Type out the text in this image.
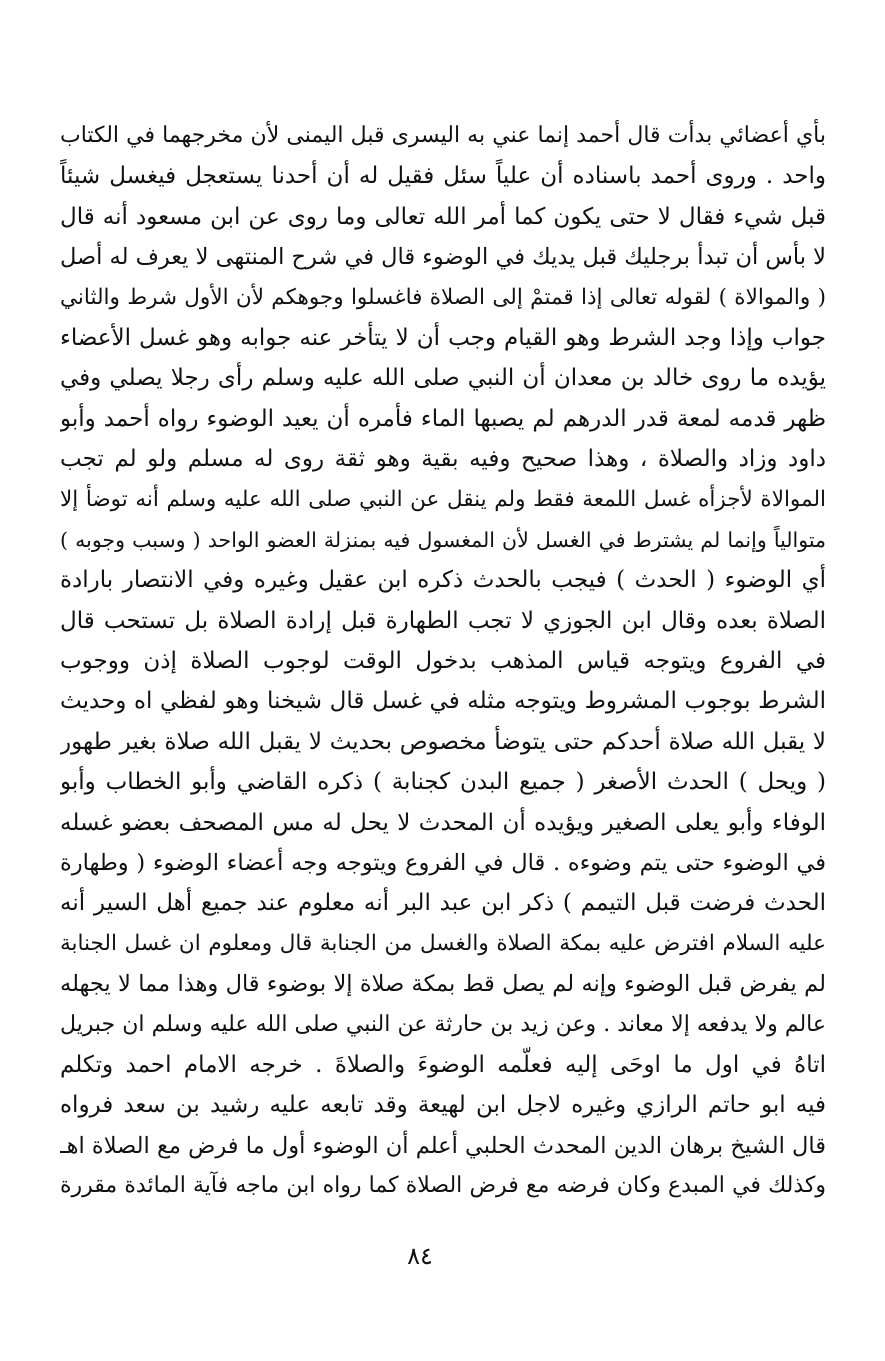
بأي أعضائي بدأت قال أحمد إنما عني به اليسرى قبل اليمنى لأن مخرجهما في الكتاب
واحد . وروى أحمد باسناده أن علياً سئل فقيل له أن أحدنا يستعجل فيغسل شيئاً
قبل شيء فقال لا حتى يكون كما أمر الله تعالى وما روى عن ابن مسعود أنه قال
لا بأس أن تبدأ برجليك قبل يديك في الوضوء قال في شرح المنتهى لا يعرف له أصل
( والموالاة ) لقوله تعالى إذا قمتمْ إلى الصلاة فاغسلوا وجوهكم لأن الأول شرط والثاني
جواب وإذا وجد الشرط وهو القيام وجب أن لا يتأخر عنه جوابه وهو غسل الأعضاء
يؤيده ما روى خالد بن معدان أن النبي صلى الله عليه وسلم رأى رجلا يصلي وفي
ظهر قدمه لمعة قدر الدرهم لم يصبها الماء فأمره أن يعيد الوضوء رواه أحمد وأبو
داود وزاد والصلاة ، وهذا صحيح وفيه بقية وهو ثقة روى له مسلم ولو لم تجب
الموالاة لأجزأه غسل اللمعة فقط ولم ينقل عن النبي صلى الله عليه وسلم أنه توضأ إلا
متوالياً وإنما لم يشترط في الغسل لأن المغسول فيه بمنزلة العضو الواحد ( وسبب وجوبه )
أي الوضوء ( الحدث ) فيجب بالحدث ذكره ابن عقيل وغيره وفي الانتصار بارادة
الصلاة بعده وقال ابن الجوزي لا تجب الطهارة قبل إرادة الصلاة بل تستحب قال
في الفروع ويتوجه قياس المذهب بدخول الوقت لوجوب الصلاة إذن ووجوب
الشرط بوجوب المشروط ويتوجه مثله في غسل قال شيخنا وهو لفظي اه وحديث
لا يقبل الله صلاة أحدكم حتى يتوضأ مخصوص بحديث لا يقبل الله صلاة بغير طهور
( ويحل ) الحدث الأصغر ( جميع البدن كجنابة ) ذكره القاضي وأبو الخطاب وأبو
الوفاء وأبو يعلى الصغير ويؤيده أن المحدث لا يحل له مس المصحف بعضو غسله
في الوضوء حتى يتم وضوءه . قال في الفروع ويتوجه وجه أعضاء الوضوء ( وطهارة
الحدث فرضت قبل التيمم ) ذكر ابن عبد البر أنه معلوم عند جميع أهل السير أنه
عليه السلام افترض عليه بمكة الصلاة والغسل من الجنابة قال ومعلوم ان غسل الجنابة
لم يفرض قبل الوضوء وإنه لم يصل قط بمكة صلاة إلا بوضوء قال وهذا مما لا يجهله
عالم ولا يدفعه إلا معاند . وعن زيد بن حارثة عن النبي صلى الله عليه وسلم ان جبريل
اتاهُ في اول ما اوحَى إليه فعلّمه الوضوءَ والصلاةَ . خرجه الامام احمد وتكلم
فيه ابو حاتم الرازي وغيره لاجل ابن لهيعة وقد تابعه عليه رشيد بن سعد فرواه
قال الشيخ برهان الدين المحدث الحلبي أعلم أن الوضوء أول ما فرض مع الصلاة اهـ
وكذلك في المبدع وكان فرضه مع فرض الصلاة كما رواه ابن ماجه فآية المائدة مقررة
٨٤
